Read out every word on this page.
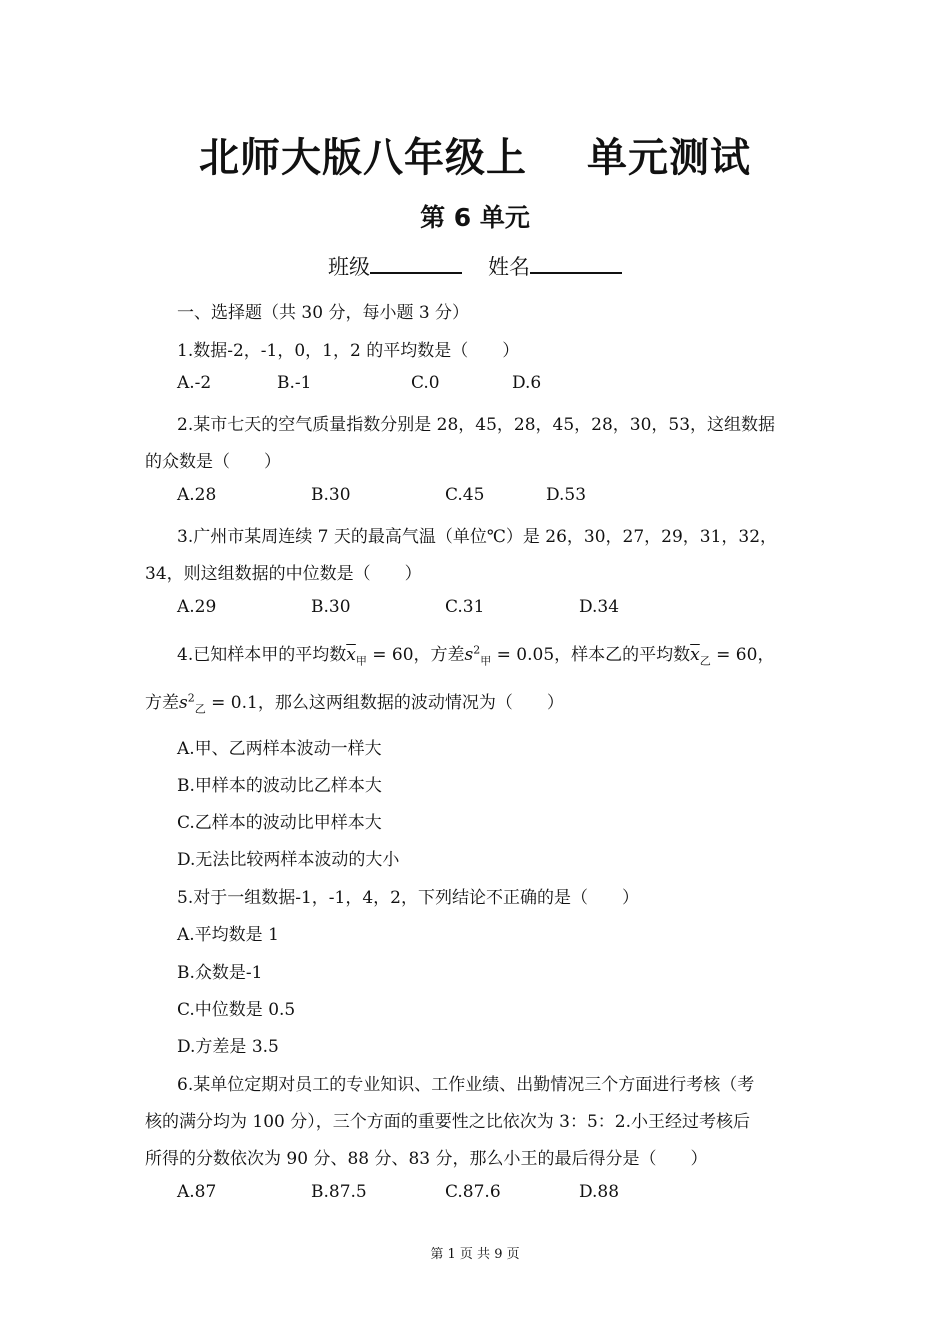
北师大版八年级上 单元测试
第 6 单元
班级	姓名
一、选择题（共 30 分，每小题 3 分）
1.数据-2，-1，0，1，2 的平均数是（　　）
A.-2	B.-1	C.0	D.6
2.某市七天的空气质量指数分别是 28，45，28，45，28，30，53，这组数据
的众数是（　　）
A.28	B.30	C.45	D.53
3.广州市某周连续 7 天的最高气温（单位℃）是 26，30，27，29，31，32，
34，则这组数据的中位数是（　　）
A.29	B.30	C.31	D.34
4.已知样本甲的平均数$\overline{x}_甲 = 60$，方差$s^2_甲 = 0.05$，样本乙的平均数$\overline{x}_乙 = 60$，
方差$s^2_乙 = 0.1$，那么这两组数据的波动情况为（　　）
A.甲、乙两样本波动一样大
B.甲样本的波动比乙样本大
C.乙样本的波动比甲样本大
D.无法比较两样本波动的大小
5.对于一组数据-1，-1，4，2，下列结论不正确的是（　　）
A.平均数是 1
B.众数是-1
C.中位数是 0.5
D.方差是 3.5
6.某单位定期对员工的专业知识、工作业绩、出勤情况三个方面进行考核（考
核的满分均为 100 分），三个方面的重要性之比依次为 3：5：2.小王经过考核后
所得的分数依次为 90 分、88 分、83 分，那么小王的最后得分是（　　）
A.87	B.87.5	C.87.6	D.88
第 1 页 共 9 页
